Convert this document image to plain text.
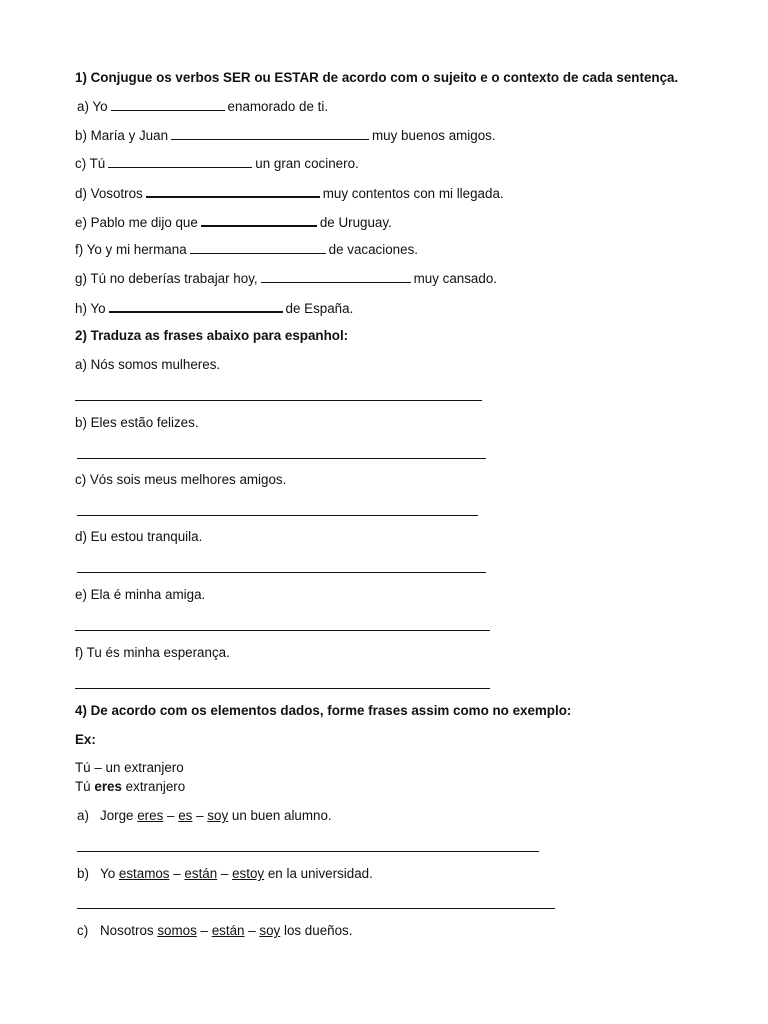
1) Conjugue os verbos SER ou ESTAR de acordo com o sujeito e o contexto de cada sentença.
a) Yo	enamorado de ti.
b) María y Juan	muy buenos amigos.
c) Tú	un gran cocinero.
d) Vosotros	muy contentos con mi llegada.
e) Pablo me dijo que	de Uruguay.
f) Yo y mi hermana	de vacaciones.
g) Tú no deberías trabajar hoy,	muy cansado.
h) Yo	de España.
2) Traduza as frases abaixo para espanhol:
a) Nós somos mulheres.
b) Eles estão felizes.
c) Vós sois meus melhores amigos.
d) Eu estou tranquila.
e) Ela é minha amiga.
f) Tu és minha esperança.
4) De acordo com os elementos dados, forme frases assim como no exemplo:
Ex:
Tú – un extranjero
Tú eres extranjero
a) Jorge eres – es – soy un buen alumno.
b) Yo estamos – están – estoy en la universidad.
c) Nosotros somos – están – soy los dueños.
